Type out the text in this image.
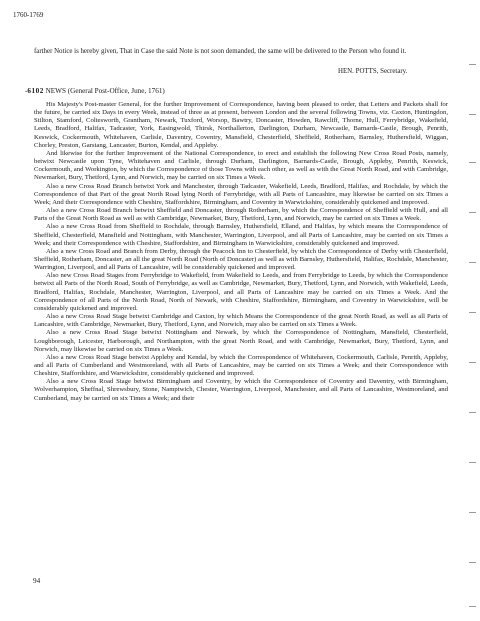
1760-1769
farther Notice is hereby given, That in Case the said Note is not soon demanded, the same will be delivered to the Person who found it.
HEN. POTTS, Secretary.
-6102 NEWS (General Post-Office, June, 1761)

His Majesty's Post-master General, for the further Improvement of Correspondence, having been pleased to order, that Letters and Packets shall for the future, be carried six Days in every Week, instead of three as at present, between London and the several following Towns, viz. Caxton, Huntingdon, Stilton, Stamford, Coltesworth, Grantham, Newark, Tuxford, Worsop, Bawtry, Doncaster, Howden, Rawcliff, Thorne, Hull, Ferrybridge, Wakefield, Leeds, Bradford, Halifax, Tadcaster, York, Easingwold, Thirsk, Northallerton, Darlington, Durham, Newcastle, Barnards-Castle, Brough, Penrith, Keswick, Cockermouth, Whitehaven, Carlisle, Daventry, Coventry, Mansfield, Chesterfield, Sheffield, Rotherham, Barnsley, Huthersfield, Wiggan, Chorley, Preston, Garstang, Lancaster, Burton, Kendal, and Appleby.

And likewise for the further Improvement of the National Correspondence, to erect and establish the following New Cross Road Posts, namely, betwixt Newcastle upon Tyne, Whitehaven and Carlisle, through Durham, Darlington, Barnards-Castle, Brough, Appleby, Penrith, Keswick, Cockermouth, and Workington, by which the Correspondence of those Towns with each other, as well as with the Great North Road, and with Cambridge, Newmarket, Bury, Thetford, Lynn, and Norwich, may be carried on six Times a Week.

Also a new Cross Road Branch betwixt York and Manchester, through Tadcaster, Wakefield, Leeds, Bradford, Halifax, and Rochdale, by which the Correspondence of that Part of the great North Road lying North of Ferrybridge, with all Parts of Lancashire, may likewise be carried on six Times a Week; And their Correspondence with Cheshire, Staffordshire, Birmingham, and Coventry in Warwickshire, considerably quickened and improved.

Also a new Cross Road Branch betwixt Sheffield and Doncaster, through Rotherham, by which the Correspondence of Sheffield with Hull, and all Parts of the Great North Road as well as with Cambridge, Newmarket, Bury, Thetford, Lynn, and Norwich, may be carried on six Times a Week.

Also a new Cross Road from Sheffield to Rochdale, through Barnsley, Huthersfield, Elland, and Halifax, by which means the Correspondence of Sheffield, Chesterfield, Mansfield and Nottingham, with Manchester, Warrington, Liverpool, and all Parts of Lancashire, may be carried on six Times a Week; and their Correspondence with Cheshire, Staffordshire, and Birmingham in Warwickshire, considerably quickened and improved.

Also a new Cross Road and Branch from Derby, through the Peacock Inn to Chesterfield, by which the Correspondence of Derby with Chesterfield, Sheffield, Rotherham, Doncaster, an all the great North Road (North of Doncaster) as well as with Barnsley, Huthersfield, Halifax, Rochdale, Manchester, Warrington, Liverpool, and all Parts of Lancashire, will be considerably quickened and improved.

Also new Cross Road Stages from Ferrybridge to Wakefield, from Wakefield to Leeds, and from Ferrybridge to Leeds, by which the Correspondence betwixt all Parts of the North Road, South of Ferrybridge, as well as Cambridge, Newmarket, Bury, Thetford, Lynn, and Norwich, with Wakefield, Leeds, Bradford, Halifax, Rochdale, Manchester, Warrington, Liverpool, and all Parts of Lancashire may be carried on six Times a Week. And the Correspondence of all Parts of the North Road, North of Newark, with Cheshire, Staffordshire, Birmingham, and Coventry in Warwickshire, will be considerably quickened and improved.

Also a new Cross Road Stage betwixt Cambridge and Caxton, by which Means the Correspondence of the great North Road, as well as all Parts of Lancashire, with Cambridge, Newmarket, Bury, Thetford, Lynn, and Norwich, may also be carried on six Times a Week.

Also a new Cross Road Stage betwixt Nottingham and Newark, by which the Correspondence of Nottingham, Mansfield, Chesterfield, Loughborough, Leicester, Harborough, and Northampton, with the great North Road, and with Cambridge, Newmarket, Bury, Thetford, Lynn, and Norwich, may likewise be carried on six Times a Week.

Also a new Cross Road Stage betwixt Appleby and Kendal, by which the Correspondence of Whitehaven, Cockermouth, Carlisle, Penrith, Appleby, and all Parts of Cumberland and Westmoreland, with all Parts of Lancashire, may be carried on six Times a Week; and their Correspondence with Cheshire, Staffordshire, and Warwickshire, considerably quickened and improved.

Also a new Cross Road Stage betwixt Birmingham and Coventry, by which the Correspondence of Coventry and Daventry, with Birmingham, Wolverhampton, Sheffnal, Shrewsbury, Stone, Namptwich, Chester, Warrington, Liverpool, Manchester, and all Parts of Lancashire, Westmoreland, and Cumberland, may be carried on six Times a Week; and their

94
